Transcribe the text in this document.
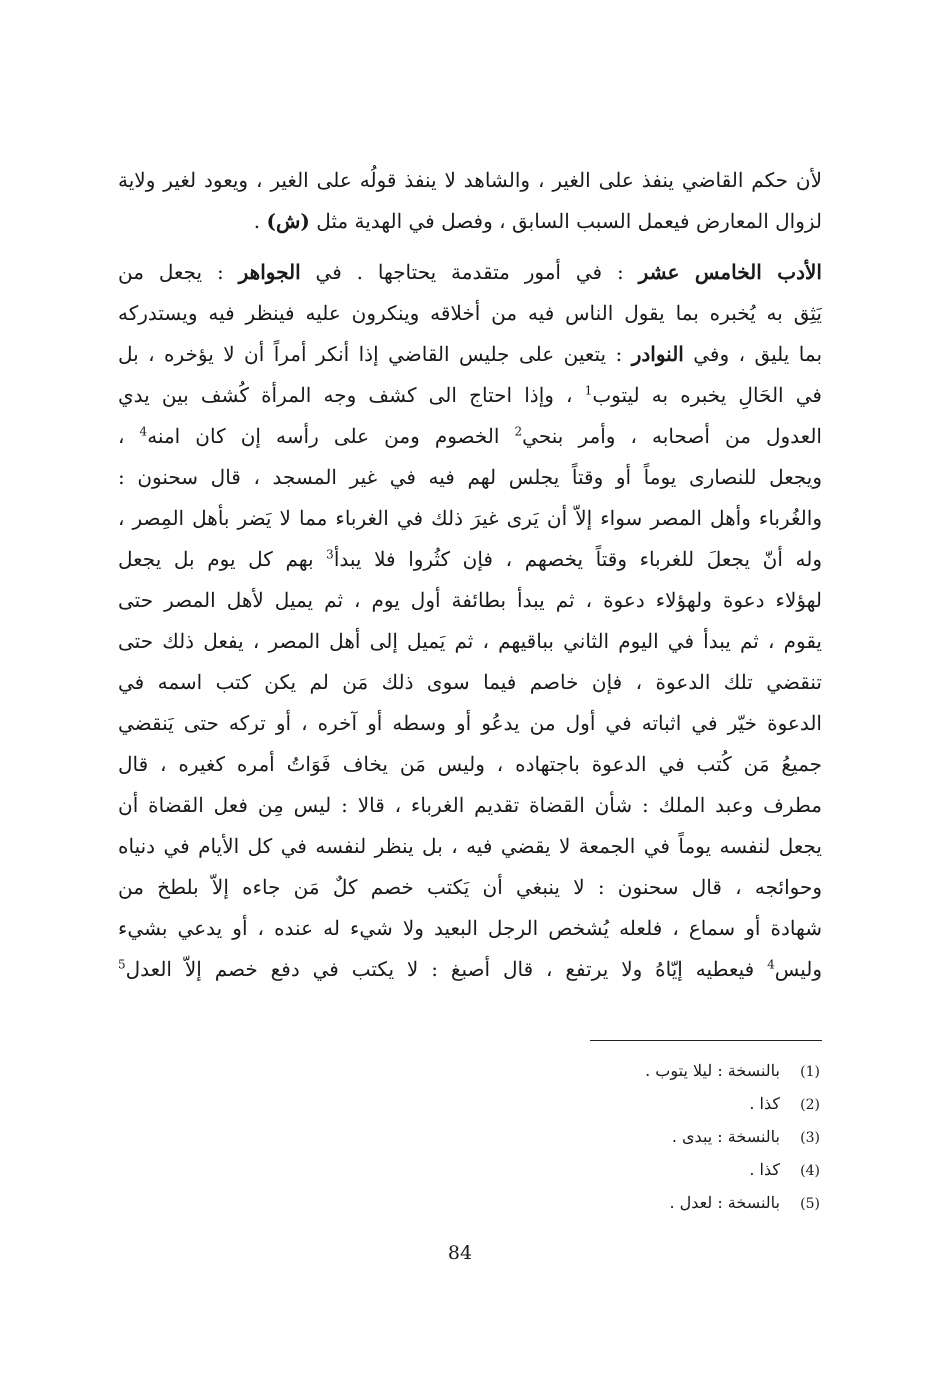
لأن حكم القاضي ينفذ على الغير ، والشاهد لا ينفذ قولُه على الغير ، ويعود لغير ولاية
لزوال المعارض فيعمل السبب السابق ، وفصل في الهدية مثل (ش) .
الأدب الخامس عشر : في أمور متقدمة يحتاجها . في الجواهر : يجعل من
يَثِق به يُخبره بما يقول الناس فيه من أخلاقه وينكرون عليه فينظر فيه ويستدركه
بما يليق ، وفي النوادر : يتعين على جليس القاضي إذا أنكر أمراً أن لا يؤخره ، بل
في الحَالِ يخبره به ليتوب$^1$ ، وإذا احتاج الى كشف وجه المرأة كُشف بين يدي
العدول من أصحابه ، وأمر بنحي$^2$ الخصوم ومن على رأسه إن كان امنه$^4$ ،
ويجعل للنصارى يوماً أو وقتاً يجلس لهم فيه في غير المسجد ، قال سحنون :
والغُرباء وأهل المصر سواء إلاّ أن يَرى غيرَ ذلك في الغرباء مما لا يَضر بأهل المِصر ،
وله أنّ يجعلَ للغرباء وقتاً يخصهم ، فإن كثُروا فلا يبدأ$^3$ بهم كل يوم بل يجعل
لهؤلاء دعوة ولهؤلاء دعوة ، ثم يبدأ بطائفة أول يوم ، ثم يميل لأهل المصر حتى
يقوم ، ثم يبدأ في اليوم الثاني بباقيهم ، ثم يَميل إلى أهل المصر ، يفعل ذلك حتى
تنقضي تلك الدعوة ، فإن خاصم فيما سوى ذلك مَن لم يكن كتب اسمه في
الدعوة خيّر في اثباته في أول من يدعُو أو وسطه أو آخره ، أو تركه حتى يَنقضي
جميعُ مَن كُتب في الدعوة باجتهاده ، وليس مَن يخاف فَوَاتُ أمره كغيره ، قال
مطرف وعبد الملك : شأن القضاة تقديم الغرباء ، قالا : ليس مِن فعل القضاة أن
يجعل لنفسه يوماً في الجمعة لا يقضي فيه ، بل ينظر لنفسه في كل الأيام في دنياه
وحوائجه ، قال سحنون : لا ينبغي أن يَكتب خصم كلٌ مَن جاءه إلاّ بلطخ من
شهادة أو سماع ، فلعله يُشخص الرجل البعيد ولا شيء له عنده ، أو يدعي بشيء
وليس$^4$ فيعطيه إيّاهُ ولا يرتفع ، قال أصبغ : لا يكتب في دفع خصم إلاّ العدل$^5$
(1)بالنسخة : ليلا يتوب .
(2)كذا .
(3)بالنسخة : يبدى .
(4)كذا .
(5)بالنسخة : لعدل .
84
